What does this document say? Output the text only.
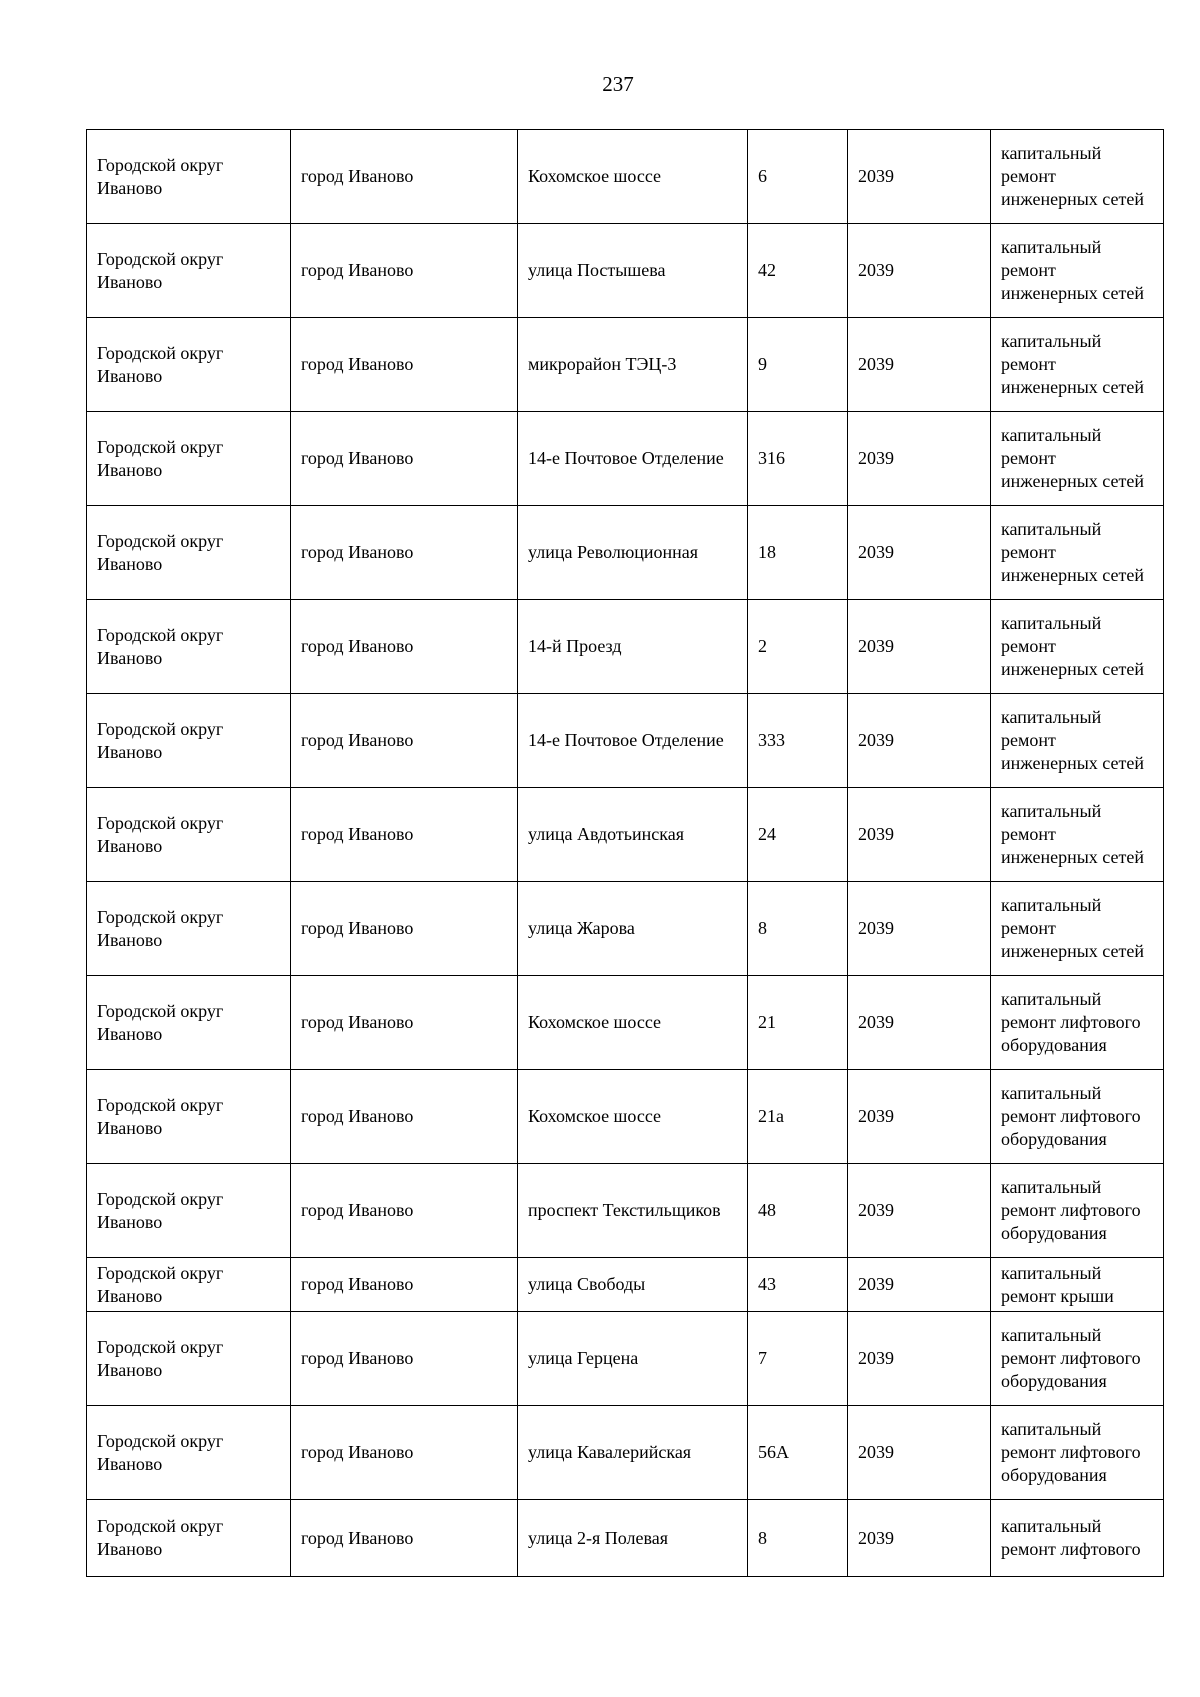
237
Городской округ Иваново	город Иваново	Кохомское шоссе	6	2039	капитальный ремонт инженерных сетей
Городской округ Иваново	город Иваново	улица Постышева	42	2039	капитальный ремонт инженерных сетей
Городской округ Иваново	город Иваново	микрорайон ТЭЦ-3	9	2039	капитальный ремонт инженерных сетей
Городской округ Иваново	город Иваново	14-е Почтовое Отделение	316	2039	капитальный ремонт инженерных сетей
Городской округ Иваново	город Иваново	улица Революционная	18	2039	капитальный ремонт инженерных сетей
Городской округ Иваново	город Иваново	14-й Проезд	2	2039	капитальный ремонт инженерных сетей
Городской округ Иваново	город Иваново	14-е Почтовое Отделение	333	2039	капитальный ремонт инженерных сетей
Городской округ Иваново	город Иваново	улица Авдотьинская	24	2039	капитальный ремонт инженерных сетей
Городской округ Иваново	город Иваново	улица Жарова	8	2039	капитальный ремонт инженерных сетей
Городской округ Иваново	город Иваново	Кохомское шоссе	21	2039	капитальный ремонт лифтового оборудования
Городской округ Иваново	город Иваново	Кохомское шоссе	21а	2039	капитальный ремонт лифтового оборудования
Городской округ Иваново	город Иваново	проспект Текстильщиков	48	2039	капитальный ремонт лифтового оборудования
Городской округ Иваново	город Иваново	улица Свободы	43	2039	капитальный ремонт крыши
Городской округ Иваново	город Иваново	улица Герцена	7	2039	капитальный ремонт лифтового оборудования
Городской округ Иваново	город Иваново	улица Кавалерийская	56А	2039	капитальный ремонт лифтового оборудования
Городской округ Иваново	город Иваново	улица 2-я Полевая	8	2039	капитальный ремонт лифтового
